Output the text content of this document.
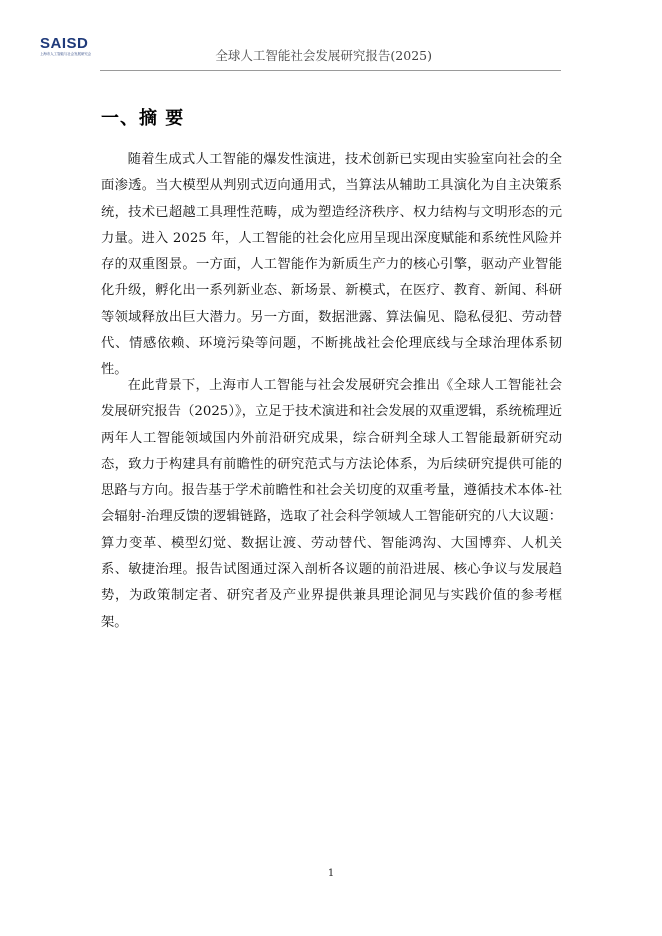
SAISD
上海市人工智能与社会发展研究会	全球人工智能社会发展研究报告(2025)
一、摘 要

随着生成式人工智能的爆发性演进，技术创新已实现由实验室向社会的全面渗透。当大模型从判别式迈向通用式，当算法从辅助工具演化为自主决策系统，技术已超越工具理性范畴，成为塑造经济秩序、权力结构与文明形态的元力量。进入 2025 年，人工智能的社会化应用呈现出深度赋能和系统性风险并存的双重图景。一方面，人工智能作为新质生产力的核心引擎，驱动产业智能化升级，孵化出一系列新业态、新场景、新模式，在医疗、教育、新闻、科研等领域释放出巨大潜力。另一方面，数据泄露、算法偏见、隐私侵犯、劳动替代、情感依赖、环境污染等问题，不断挑战社会伦理底线与全球治理体系韧性。

在此背景下，上海市人工智能与社会发展研究会推出《全球人工智能社会发展研究报告（2025）》，立足于技术演进和社会发展的双重逻辑，系统梳理近两年人工智能领域国内外前沿研究成果，综合研判全球人工智能最新研究动态，致力于构建具有前瞻性的研究范式与方法论体系，为后续研究提供可能的思路与方向。报告基于学术前瞻性和社会关切度的双重考量，遵循技术本体-社会辐射-治理反馈的逻辑链路，选取了社会科学领域人工智能研究的八大议题：算力变革、模型幻觉、数据让渡、劳动替代、智能鸿沟、大国博弈、人机关系、敏捷治理。报告试图通过深入剖析各议题的前沿进展、核心争议与发展趋势，为政策制定者、研究者及产业界提供兼具理论洞见与实践价值的参考框架。

1
